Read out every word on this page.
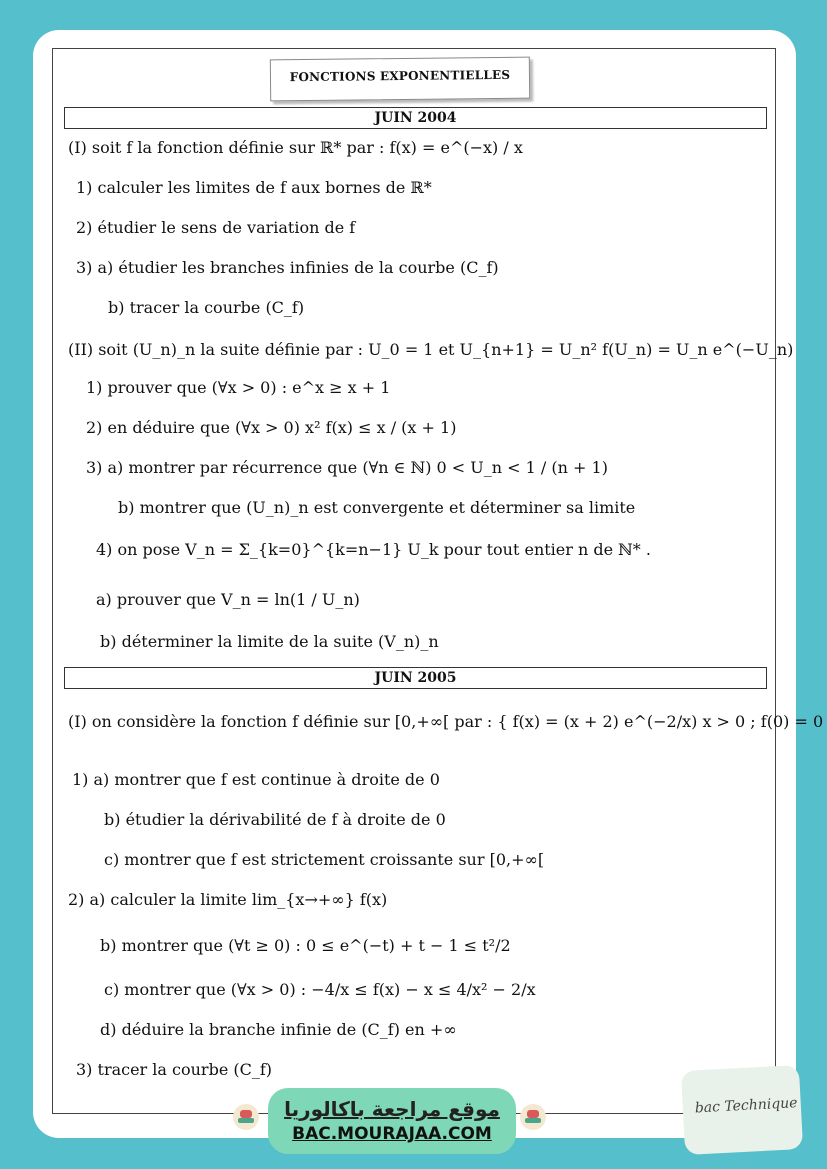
FONCTIONS EXPONENTIELLES
JUIN 2004
(I) soit f la fonction définie sur ℝ* par : f(x) = e^(−x) / x
1) calculer les limites de f aux bornes de ℝ*
2) étudier le sens de variation de f
3) a) étudier les branches infinies de la courbe (C_f)
b) tracer la courbe (C_f)
(II) soit (U_n)_n la suite définie par : U_0 = 1 et U_{n+1} = U_n² f(U_n) = U_n e^(−U_n)
1) prouver que (∀x > 0) : e^x ≥ x + 1
2) en déduire que (∀x > 0) x² f(x) ≤ x / (x + 1)
3) a) montrer par récurrence que (∀n ∈ ℕ) 0 < U_n < 1 / (n + 1)
b) montrer que (U_n)_n est convergente et déterminer sa limite
4) on pose V_n = Σ_{k=0}^{k=n−1} U_k pour tout entier n de ℕ* .
a) prouver que V_n = ln(1 / U_n)
b) déterminer la limite de la suite (V_n)_n
JUIN 2005
(I) on considère la fonction f définie sur [0,+∞[ par : { f(x) = (x + 2) e^(−2/x) x > 0 ; f(0) = 0
1) a) montrer que f est continue à droite de 0
b) étudier la dérivabilité de f à droite de 0
c) montrer que f est strictement croissante sur [0,+∞[
2) a) calculer la limite lim_{x→+∞} f(x)
b) montrer que (∀t ≥ 0) : 0 ≤ e^(−t) + t − 1 ≤ t²/2
c) montrer que (∀x > 0) : −4/x ≤ f(x) − x ≤ 4/x² − 2/x
d) déduire la branche infinie de (C_f) en +∞
3) tracer la courbe (C_f)
موقع مراجعة باكالوريا
BAC.MOURAJAA.COM
bac Technique
